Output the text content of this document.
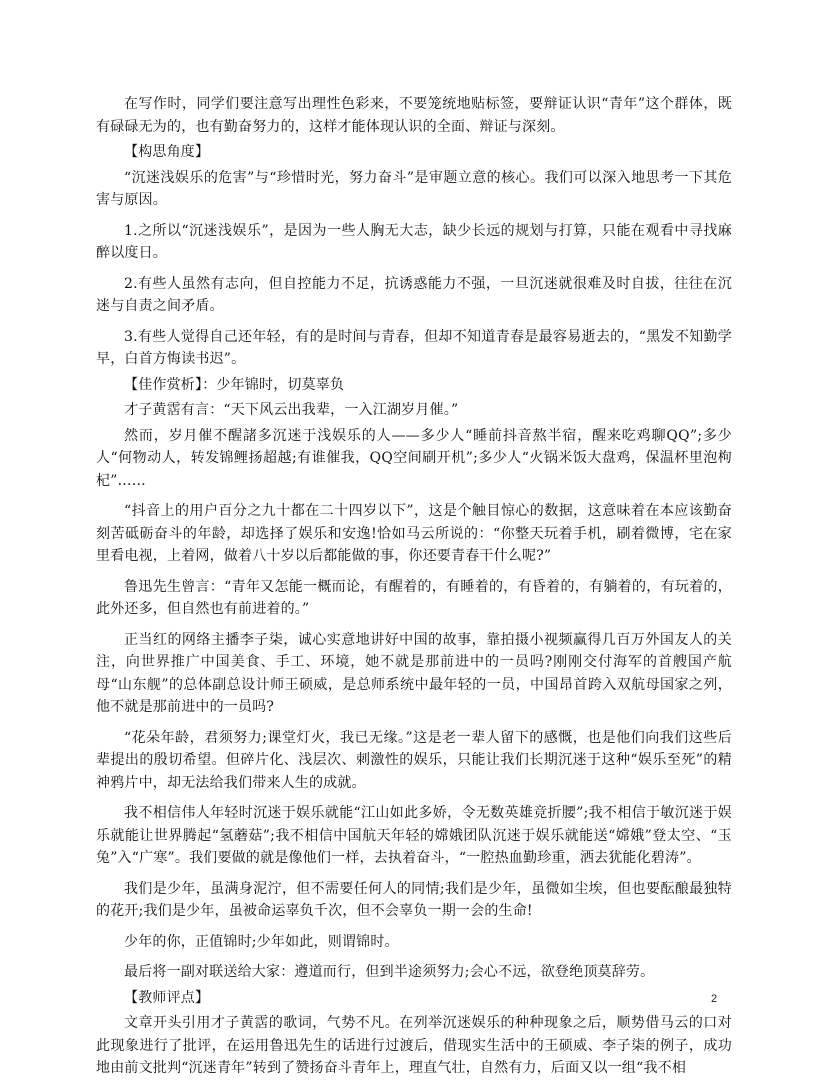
在写作时，同学们要注意写出理性色彩来，不要笼统地贴标签，要辩证认识“青年”这个群体，既有碌碌无为的，也有勤奋努力的，这样才能体现认识的全面、辩证与深刻。

【构思角度】

“沉迷浅娱乐的危害”与“珍惜时光，努力奋斗”是审题立意的核心。我们可以深入地思考一下其危害与原因。

1.之所以“沉迷浅娱乐”，是因为一些人胸无大志，缺少长远的规划与打算，只能在观看中寻找麻醉以度日。

2.有些人虽然有志向，但自控能力不足，抗诱惑能力不强，一旦沉迷就很难及时自拔，往往在沉迷与自责之间矛盾。

3.有些人觉得自己还年轻，有的是时间与青春，但却不知道青春是最容易逝去的，“黑发不知勤学早，白首方悔读书迟”。

【佳作赏析】：少年锦时，切莫辜负

才子黄霑有言：“天下风云出我辈，一入江湖岁月催。”

然而，岁月催不醒諸多沉迷于浅娱乐的人——多少人“睡前抖音熬半宿，醒来吃鸡聊QQ”;多少人“何物动人，转发锦鲤扬超越;有谁催我，QQ空间刷开机”;多少人“火锅米饭大盘鸡，保温杯里泡枸杞”……

“抖音上的用户百分之九十都在二十四岁以下”，这是个触目惊心的数据，这意味着在本应该勤奋刻苦砥砺奋斗的年龄，却选择了娱乐和安逸!恰如马云所说的：“你整天玩着手机，刷着微博，宅在家里看电视，上着网，做着八十岁以后都能做的事，你还要青春干什么呢?”

鲁迅先生曾言：“青年又怎能一概而论，有醒着的，有睡着的，有昏着的，有躺着的，有玩着的，此外还多，但自然也有前进着的。”

正当红的网络主播李子柒，诚心实意地讲好中国的故事，靠拍摄小视频赢得几百万外国友人的关注，向世界推广中国美食、手工、环境，她不就是那前进中的一员吗?刚刚交付海军的首艘国产航母“山东舰”的总体副总设计师王硕威，是总师系统中最年轻的一员，中国昂首跨入双航母国家之列，他不就是那前进中的一员吗?

“花朵年龄，君须努力;课堂灯火，我已无缘。”这是老一辈人留下的感慨，也是他们向我们这些后辈提出的殷切希望。但碎片化、浅层次、刺激性的娱乐，只能让我们长期沉迷于这种“娱乐至死”的精神鸦片中，却无法给我们带来人生的成就。

我不相信伟人年轻时沉迷于娱乐就能“江山如此多娇，令无数英雄竞折腰”;我不相信于敏沉迷于娱乐就能让世界腾起“氢蘑菇”;我不相信中国航天年轻的嫦娥团队沉迷于娱乐就能送“嫦娥”登太空、“玉兔”入“广寒”。我们要做的就是像他们一样，去执着奋斗，“一腔热血勤珍重，洒去犹能化碧涛”。

我们是少年，虽满身泥泞，但不需要任何人的同情;我们是少年，虽微如尘埃，但也要酝酿最独特的花开;我们是少年，虽被命运辜负千次，但不会辜负一期一会的生命!

少年的你，正值锦时;少年如此，则谓锦时。

最后将一副对联送给大家：遵道而行，但到半途须努力;会心不远，欲登绝顶莫辞劳。

【教师评点】

文章开头引用才子黄霑的歌词，气势不凡。在列举沉迷娱乐的种种现象之后，顺势借马云的口对此现象进行了批评，在运用鲁迅先生的话进行过渡后，借现实生活中的王硕威、李子柒的例子，成功地由前文批判“沉迷青年”转到了赞扬奋斗青年上，理直气壮，自然有力，后面又以一组“我不相

2
